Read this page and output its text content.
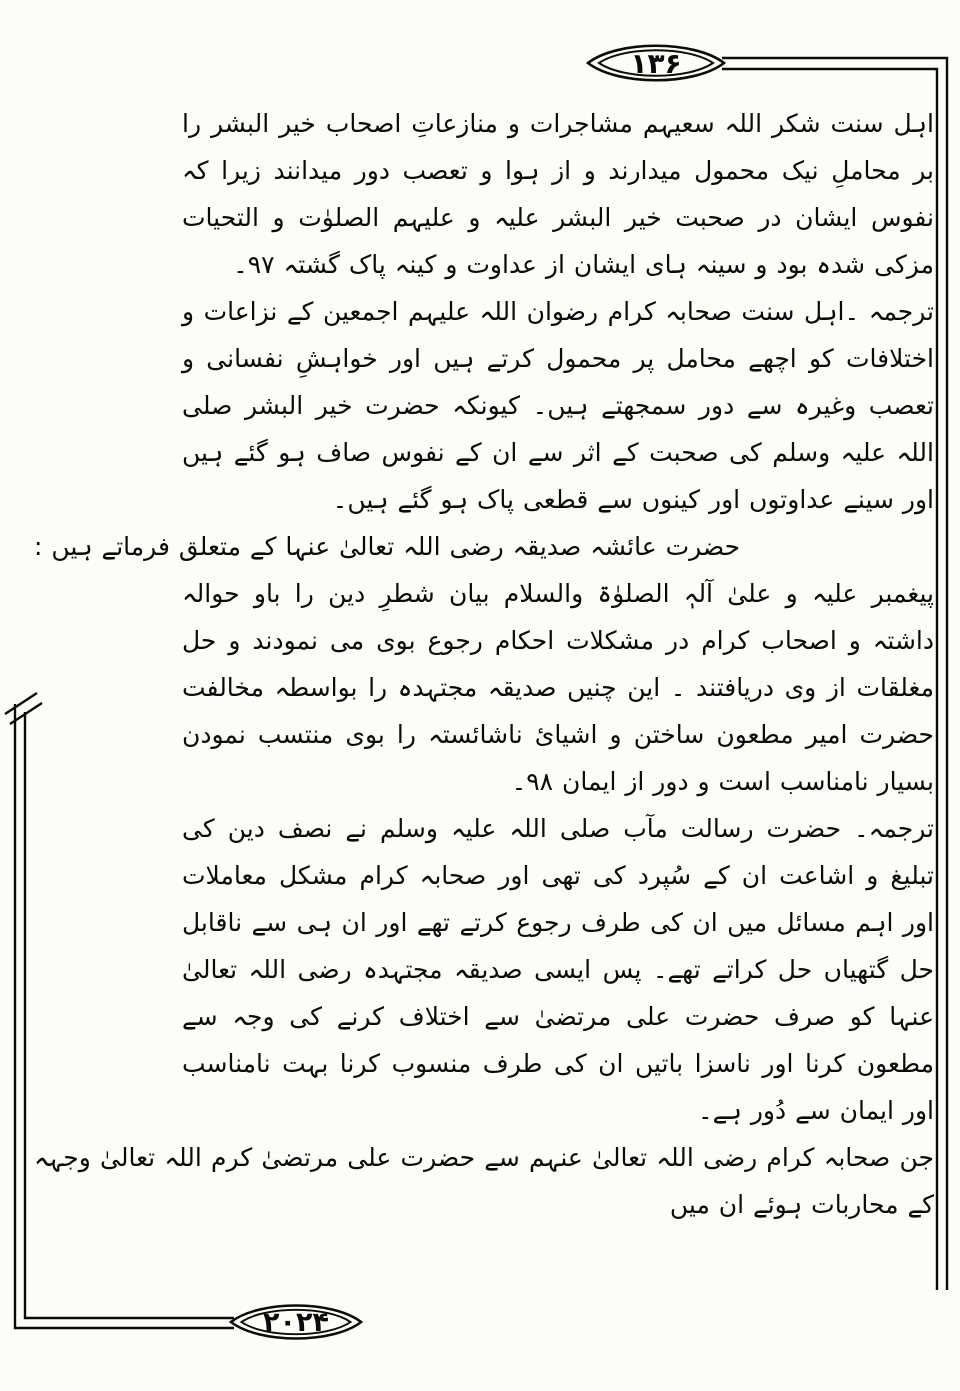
۱۳۶
۲۰۲۴

اہل سنت شکر اللہ سعیہم مشاجرات و منازعاتِ اصحاب خیر البشر را بر محاملِ نیک محمول میدارند و از ہوا و تعصب دور میدانند زیرا کہ نفوس ایشان در صحبت خیر البشر علیہ و علیہم الصلوٰت و التحیات مزکی شدہ بود و سینہ ہای ایشان از عداوت و کینہ پاک گشتہ ۹۷۔

ترجمہ ۔اہل سنت صحابہ کرام رضوان اللہ علیہم اجمعین کے نزاعات و اختلافات کو اچھے محامل پر محمول کرتے ہیں اور خواہشِ نفسانی و تعصب وغیرہ سے دور سمجھتے ہیں۔ کیونکہ حضرت خیر البشر صلی اللہ علیہ وسلم کی صحبت کے اثر سے ان کے نفوس صاف ہو گئے ہیں اور سینے عداوتوں اور کینوں سے قطعی پاک ہو گئے ہیں۔

حضرت عائشہ صدیقہ رضی اللہ تعالیٰ عنہا کے متعلق فرماتے ہیں :

پیغمبر علیہ و علیٰ آلہٖ الصلوٰۃ والسلام بیان شطرِ دین را باو حوالہ داشتہ و اصحاب کرام در مشکلات احکام رجوع بوی می نمودند و حل مغلقات از وی دریافتند ۔ این چنیں صدیقہ مجتہدہ را بواسطہ مخالفت حضرت امیر مطعون ساختن و اشیایٔ ناشائستہ را بوی منتسب نمودن بسیار نامناسب است و دور از ایمان ۹۸۔

ترجمہ۔ حضرت رسالت مآب صلی اللہ علیہ وسلم نے نصف دین کی تبلیغ و اشاعت ان کے سُپرد کی تھی اور صحابہ کرام مشکل معاملات اور اہم مسائل میں ان کی طرف رجوع کرتے تھے اور ان ہی سے ناقابل حل گتھیاں حل کراتے تھے۔ پس ایسی صدیقہ مجتہدہ رضی اللہ تعالیٰ عنہا کو صرف حضرت علی مرتضیٰ سے اختلاف کرنے کی وجہ سے مطعون کرنا اور ناسزا باتیں ان کی طرف منسوب کرنا بہت نامناسب اور ایمان سے دُور ہے۔

جن صحابہ کرام رضی اللہ تعالیٰ عنہم سے حضرت علی مرتضیٰ کرم اللہ تعالیٰ وجہہ کے محاربات ہوئے ان میں
